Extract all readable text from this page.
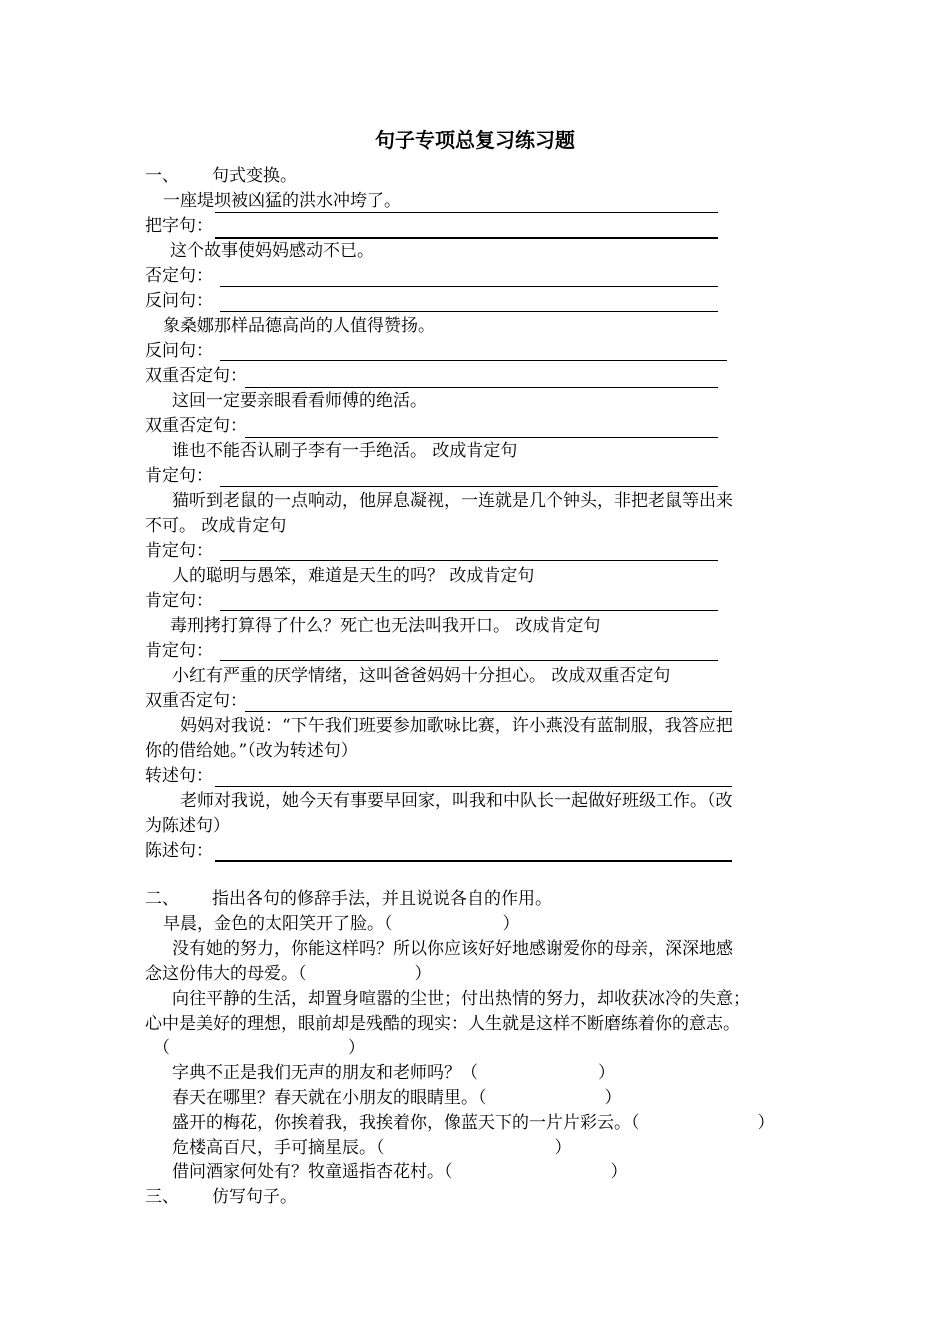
句子专项总复习练习题
一、 句式变换。
一座堤坝被凶猛的洪水冲垮了。
把字句：
这个故事使妈妈感动不已。
否定句：
反问句：
象桑娜那样品德高尚的人值得赞扬。
反问句：
双重否定句：
这回一定要亲眼看看师傅的绝活。
双重否定句：
谁也不能否认刷子李有一手绝活。 改成肯定句
肯定句：
猫听到老鼠的一点响动，他屏息凝视，一连就是几个钟头，非把老鼠等出来
不可。 改成肯定句
肯定句：
人的聪明与愚笨，难道是天生的吗？ 改成肯定句
肯定句：
毒刑拷打算得了什么？死亡也无法叫我开口。 改成肯定句
肯定句：
小红有严重的厌学情绪，这叫爸爸妈妈十分担心。 改成双重否定句
双重否定句：
妈妈对我说：“下午我们班要参加歌咏比赛，许小燕没有蓝制服，我答应把
你的借给她。”（改为转述句）
转述句：
老师对我说，她今天有事要早回家，叫我和中队长一起做好班级工作。（改
为陈述句）
陈述句：
二、 指出各句的修辞手法，并且说说各自的作用。
早晨，金色的太阳笑开了脸。（	）
没有她的努力，你能这样吗？所以你应该好好地感谢爱你的母亲，深深地感
念这份伟大的母爱。（	）
向往平静的生活，却置身喧嚣的尘世；付出热情的努力，却收获冰冷的失意；
心中是美好的理想，眼前却是残酷的现实：人生就是这样不断磨练着你的意志。
（	）
字典不正是我们无声的朋友和老师吗？（	）
春天在哪里？春天就在小朋友的眼睛里。（	）
盛开的梅花，你挨着我，我挨着你，像蓝天下的一片片彩云。（	）
危楼高百尺，手可摘星辰。（	）
借问酒家何处有？牧童遥指杏花村。（	）
三、 仿写句子。
